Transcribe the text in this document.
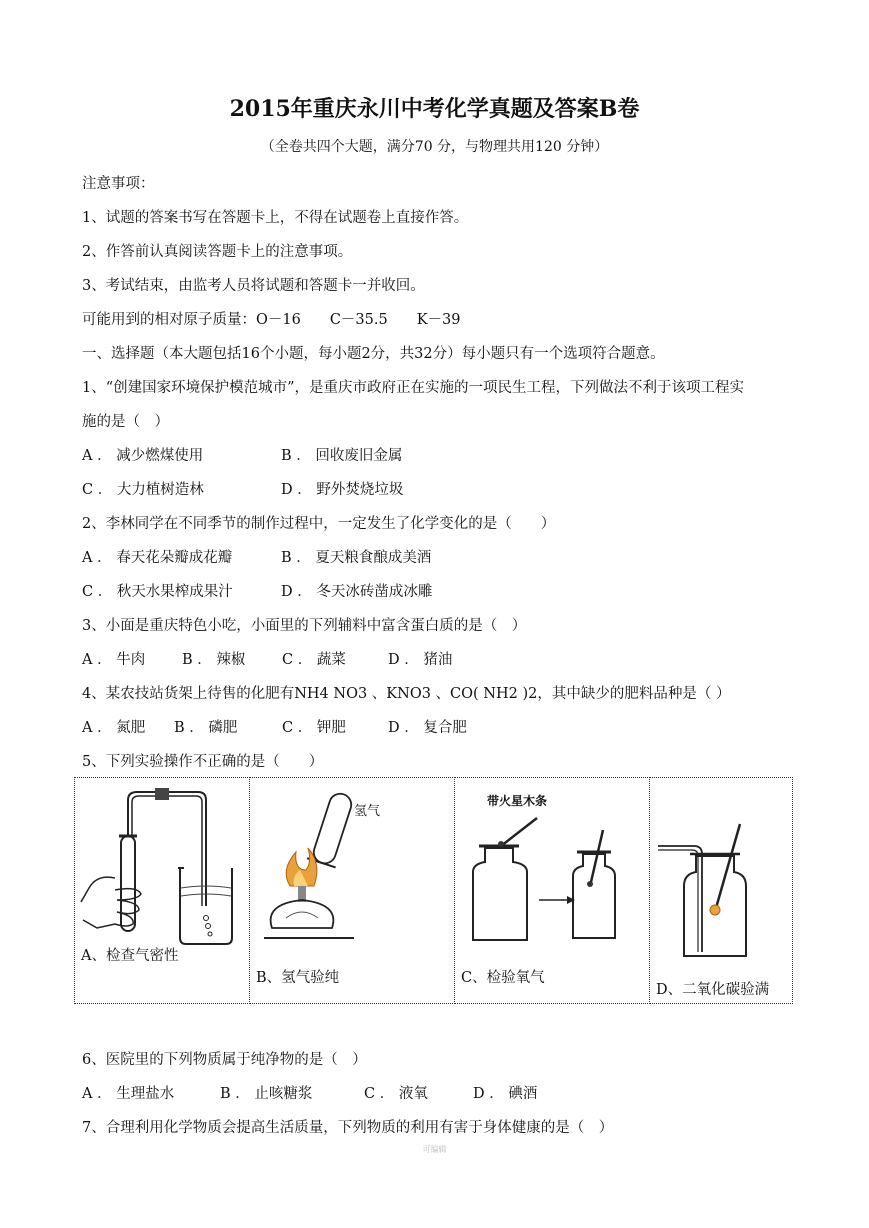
2015年重庆永川中考化学真题及答案B卷
（全卷共四个大题，满分70 分，与物理共用120 分钟）
注意事项：
1、试题的答案书写在答题卡上，不得在试题卷上直接作答。
2、作答前认真阅读答题卡上的注意事项。
3、考试结束，由监考人员将试题和答题卡一并收回。
可能用到的相对原子质量：O－16　　C－35.5　　K－39
一、选择题（本大题包括16个小题，每小题2分，共32分）每小题只有一个选项符合题意。
1、“创建国家环境保护模范城市”，是重庆市政府正在实施的一项民生工程，下列做法不利于该项工程实
施的是（　）
A ． 减少燃煤使用	B ． 回收废旧金属
C ． 大力植树造林	D ． 野外焚烧垃圾
2、李林同学在不同季节的制作过程中，一定发生了化学变化的是（　　）
A ． 春天花朵瓣成花瓣	B ． 夏天粮食酿成美酒
C ． 秋天水果榨成果汁	D ． 冬天冰砖凿成冰雕
3、小面是重庆特色小吃，小面里的下列辅料中富含蛋白质的是（　）
A ． 牛肉	B ． 辣椒	C ． 蔬菜	D ． 猪油
4、某农技站货架上待售的化肥有NH4 NO3 、KNO3 、CO( NH2 )2，其中缺少的肥料品种是（ ）
A ． 氮肥 B ． 磷肥	C ． 钾肥	D ． 复合肥
5、下列实验操作不正确的是（　　）
A、检查气密性

氢气
B、氢气验纯

带火星木条
C、检验氧气

D、二氧化碳验满
6、医院里的下列物质属于纯净物的是（　）
A ． 生理盐水	B ． 止咳糖浆	C ． 液氧	D ． 碘酒
7、合理利用化学物质会提高生活质量，下列物质的利用有害于身体健康的是（　）
可编辑
